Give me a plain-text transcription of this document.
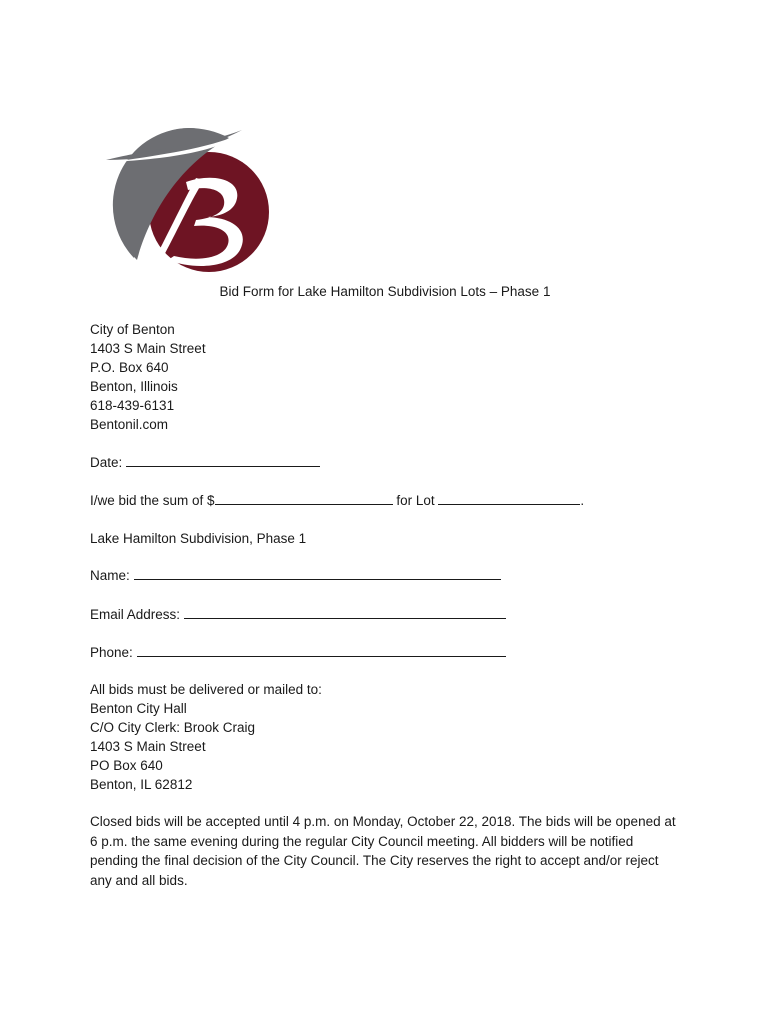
Bid Form for Lake Hamilton Subdivision Lots – Phase 1
City of Benton
1403 S Main Street
P.O. Box 640
Benton, Illinois
618-439-6131
Bentonil.com
Date:
I/we bid the sum of $	for Lot	.
Lake Hamilton Subdivision, Phase 1
Name:
Email Address:
Phone:
All bids must be delivered or mailed to:
Benton City Hall
C/O City Clerk: Brook Craig
1403 S Main Street
PO Box 640
Benton, IL 62812
Closed bids will be accepted until 4 p.m. on Monday, October 22, 2018. The bids will be opened at 6 p.m. the same evening during the regular City Council meeting. All bidders will be notified pending the final decision of the City Council. The City reserves the right to accept and/or reject any and all bids.
